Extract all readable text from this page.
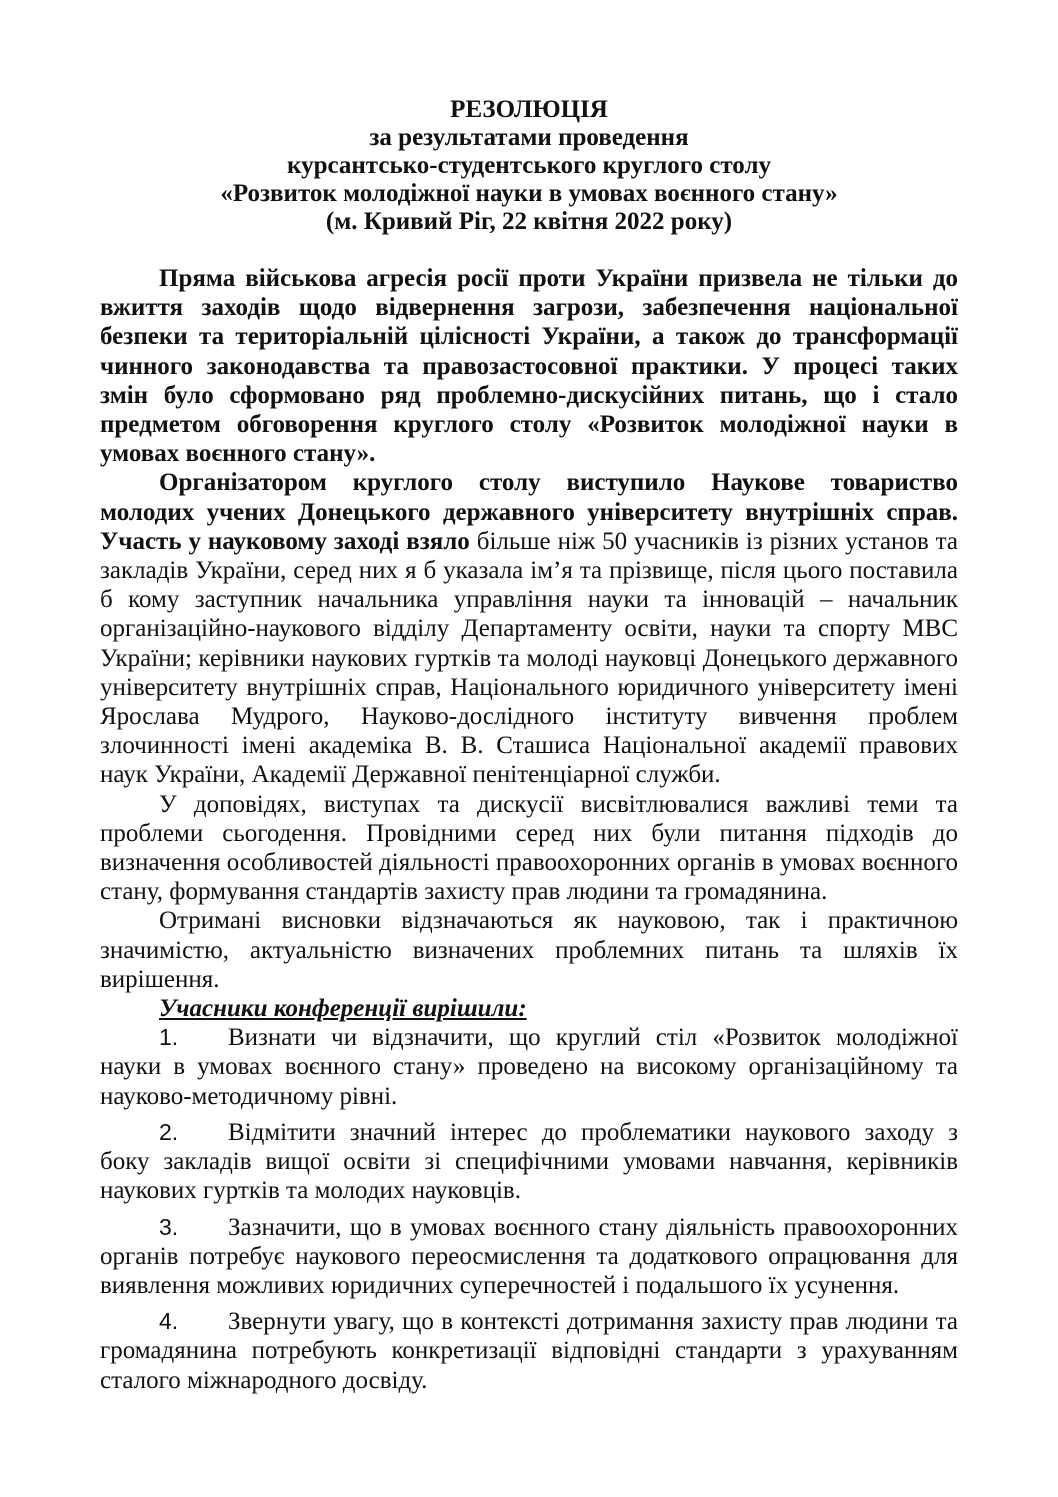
РЕЗОЛЮЦІЯ
за результатами проведення
курсантсько-студентського круглого столу
«Розвиток молодіжної науки в умовах воєнного стану»
(м. Кривий Ріг, 22 квітня 2022 року)

Пряма військова агресія росії проти України призвела не тільки до вжиття заходів щодо відвернення загрози, забезпечення національної безпеки та територіальній цілісності України, а також до трансформації чинного законодавства та правозастосовної практики. У процесі таких змін було сформовано ряд проблемно-дискусійних питань, що і стало предметом обговорення круглого столу «Розвиток молодіжної науки в умовах воєнного стану».

Організатором круглого столу виступило Наукове товариство молодих учених Донецького державного університету внутрішніх справ. Участь у науковому заході взяло більше ніж 50 учасників із різних установ та закладів України, серед них я б указала ім’я та прізвище, після цього поставила б кому заступник начальника управління науки та інновацій – начальник організаційно-наукового відділу Департаменту освіти, науки та спорту МВС України; керівники наукових гуртків та молоді науковці Донецького державного університету внутрішніх справ, Національного юридичного університету імені Ярослава Мудрого, Науково-дослідного інституту вивчення проблем злочинності імені академіка В. В. Сташиса Національної академії правових наук України, Академії Державної пенітенціарної служби.

У доповідях, виступах та дискусії висвітлювалися важливі теми та проблеми сьогодення. Провідними серед них були питання підходів до визначення особливостей діяльності правоохоронних органів в умовах воєнного стану, формування стандартів захисту прав людини та громадянина.

Отримані висновки відзначаються як науковою, так і практичною значимістю, актуальністю визначених проблемних питань та шляхів їх вирішення.

Учасники конференції вирішили:

1. Визнати чи відзначити, що круглий стіл «Розвиток молодіжної науки в умовах воєнного стану» проведено на високому організаційному та науково-методичному рівні.

2. Відмітити значний інтерес до проблематики наукового заходу з боку закладів вищої освіти зі специфічними умовами навчання, керівників наукових гуртків та молодих науковців.

3. Зазначити, що в умовах воєнного стану діяльність правоохоронних органів потребує наукового переосмислення та додаткового опрацювання для виявлення можливих юридичних суперечностей і подальшого їх усунення.

4. Звернути увагу, що в контексті дотримання захисту прав людини та громадянина потребують конкретизації відповідні стандарти з урахуванням сталого міжнародного досвіду.
